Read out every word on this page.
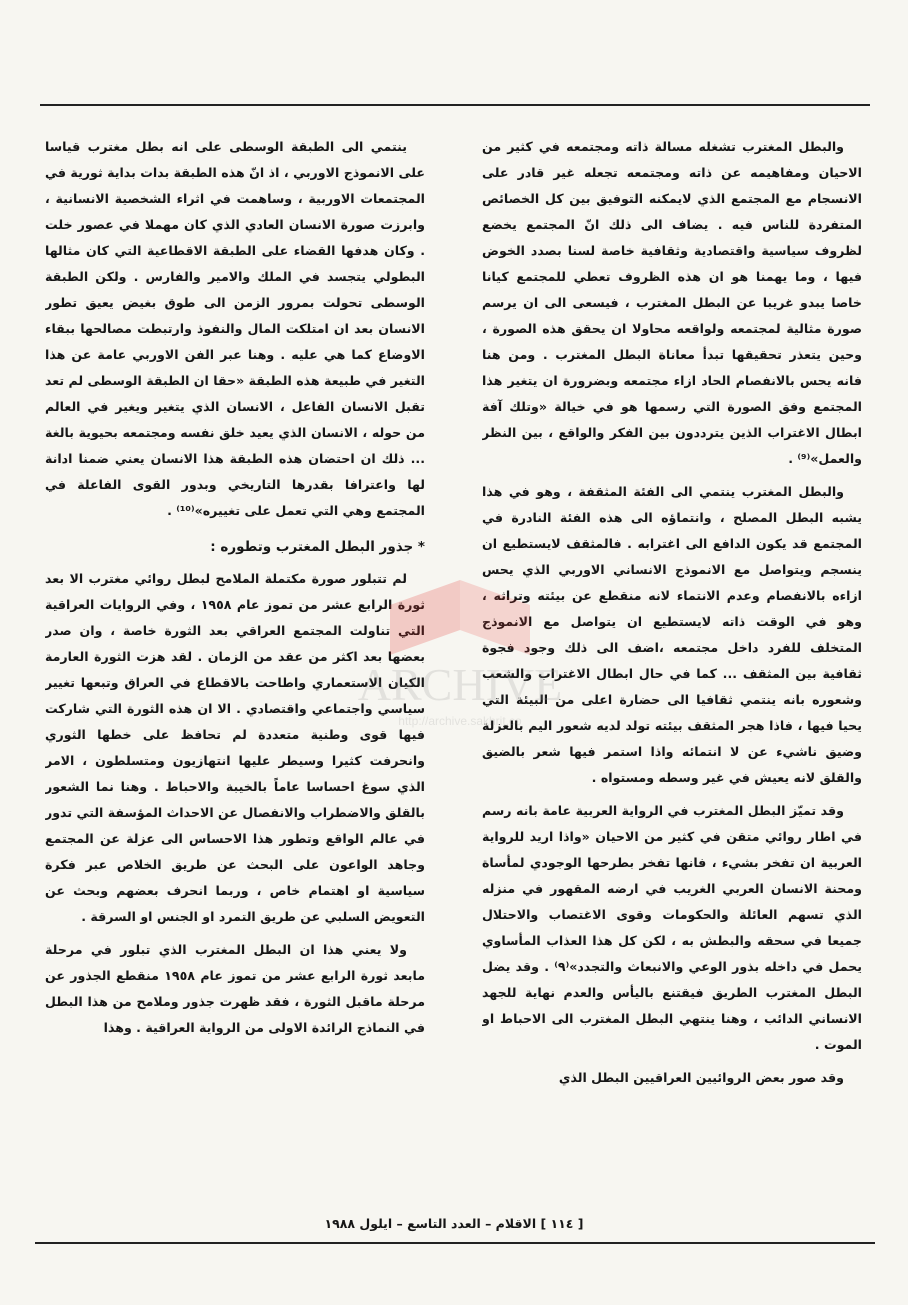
والبطل المغترب تشغله مسالة ذاته ومجتمعه في كثير من الاحيان ومفاهيمه عن ذاته ومجتمعه تجعله غير قادر على الانسجام مع المجتمع الذي لايمكنه التوفيق بين كل الخصائص المتفردة للناس فيه . يضاف الى ذلك انّ المجتمع يخضع لظروف سياسية واقتصادية وثقافية خاصة لسنا بصدد الخوض فيها ، وما يهمنا هو ان هذه الظروف تعطي للمجتمع كيانا خاصا يبدو غريبا عن البطل المغترب ، فيسعى الى ان يرسم صورة مثالية لمجتمعه ولواقعه محاولا ان يحقق هذه الصورة ، وحين يتعذر تحقيقها تبدأ معاناة البطل المغترب . ومن هنا فانه يحس بالانفصام الحاد ازاء مجتمعه وبضرورة ان يتغير هذا المجتمع وفق الصورة التي رسمها هو في خيالة «وتلك آفة ابطال الاغتراب الذين يترددون بين الفكر والواقع ، بين النظر والعمل»⁽⁹⁾ .

والبطل المغترب ينتمي الى الفئة المثقفة ، وهو في هذا يشبه البطل المصلح ، وانتماؤه الى هذه الفئة النادرة في المجتمع قد يكون الدافع الى اغترابه . فالمثقف لايستطيع ان ينسجم ويتواصل مع الانموذج الانساني الاوربي الذي يحس ازاءه بالانفصام وعدم الانتماء لانه منقطع عن بيئته وتراثه ، وهو في الوقت ذاته لايستطيع ان يتواصل مع الانموذج المتخلف للفرد داخل مجتمعه ،اضف الى ذلك وجود فجوة ثقافية بين المثقف ... كما في حال ابطال الاغتراب والشعب وشعوره بانه ينتمي ثقافيا الى حضارة اعلى من البيئة التي يحيا فيها ، فاذا هجر المثقف بيئته تولد لديه شعور اليم بالعزلة وضيق ناشيء عن لا انتمائه واذا استمر فيها شعر بالضيق والقلق لانه يعيش في غير وسطه ومستواه .

وقد تميّز البطل المغترب في الرواية العربية عامة بانه رسم في اطار روائي متقن في كثير من الاحيان «واذا اريد للرواية العربية ان تفخر بشيء ، فانها تفخر بطرحها الوجودي لمأساة ومحنة الانسان العربي الغريب في ارضه المقهور في منزله الذي تسهم العائلة والحكومات وقوى الاغتصاب والاحتلال جميعا في سحقه والبطش به ، لكن كل هذا العذاب المأساوي يحمل في داخله بذور الوعي والانبعاث والتجدد»⁽٩⁾ . وقد يضل البطل المغترب الطريق فيقتنع باليأس والعدم نهاية للجهد الانساني الدائب ، وهنا ينتهي البطل المغترب الى الاحباط او الموت .

وقد صور بعض الروائيين العراقيين البطل الذي

ينتمي الى الطبقة الوسطى على انه بطل مغترب قياسا على الانموذج الاوربي ، اذ انّ هذه الطبقة بدات بداية ثورية في المجتمعات الاوربية ، وساهمت في اثراء الشخصية الانسانية ، وابرزت صورة الانسان العادي الذي كان مهملا في عصور خلت . وكان هدفها القضاء على الطبقة الاقطاعية التي كان مثالها البطولي يتجسد في الملك والامير والفارس . ولكن الطبقة الوسطى تحولت بمرور الزمن الى طوق بغيض يعيق تطور الانسان بعد ان امتلكت المال والنفوذ وارتبطت مصالحها ببقاء الاوضاع كما هي عليه . وهنا عبر الفن الاوربي عامة عن هذا التغير في طبيعة هذه الطبقة «حقا ان الطبقة الوسطى لم تعد تقبل الانسان الفاعل ، الانسان الذي يتغير ويغير في العالم من حوله ، الانسان الذي يعيد خلق نفسه ومجتمعه بحيوية بالغة ... ذلك ان احتضان هذه الطبقة هذا الانسان يعني ضمنا ادانة لها واعترافا بقدرها التاريخي وبدور القوى الفاعلة في المجتمع وهي التي تعمل على تغييره»⁽¹⁰⁾ .

* جذور البطل المغترب وتطوره :

لم تتبلور صورة مكتملة الملامح لبطل روائي مغترب الا بعد ثورة الرابع عشر من تموز عام ١٩٥٨ ، وفي الروايات العراقية التي تناولت المجتمع العراقي بعد الثورة خاصة ، وان صدر بعضها بعد اكثر من عقد من الزمان . لقد هزت الثورة العارمة الكيان الاستعماري واطاحت بالاقطاع في العراق وتبعها تغيير سياسي واجتماعي واقتصادي . الا ان هذه الثورة التي شاركت فيها قوى وطنية متعددة لم تحافظ على خطها الثوري وانحرفت كثيرا وسيطر عليها انتهازيون ومتسلطون ، الامر الذي سوغ احساسا عاماً بالخيبة والاحباط . وهنا نما الشعور بالقلق والاضطراب والانفصال عن الاحداث المؤسفة التي تدور في عالم الواقع وتطور هذا الاحساس الى عزلة عن المجتمع وجاهد الواعون على البحث عن طريق الخلاص عبر فكرة سياسية او اهتمام خاص ، وربما انحرف بعضهم وبحث عن التعويض السلبي عن طريق التمرد او الجنس او السرقة .

ولا يعني هذا ان البطل المغترب الذي تبلور في مرحلة مابعد ثورة الرابع عشر من تموز عام ١٩٥٨ منقطع الجذور عن مرحلة ماقبل الثورة ، فقد ظهرت جذور وملامح من هذا البطل في النماذج الرائدة الاولى من الرواية العراقية . وهذا

ARCHIVE
http://archive.sakhrit.co
[ ١١٤ ] الاقلام – العدد التاسع – ايلول ١٩٨٨
